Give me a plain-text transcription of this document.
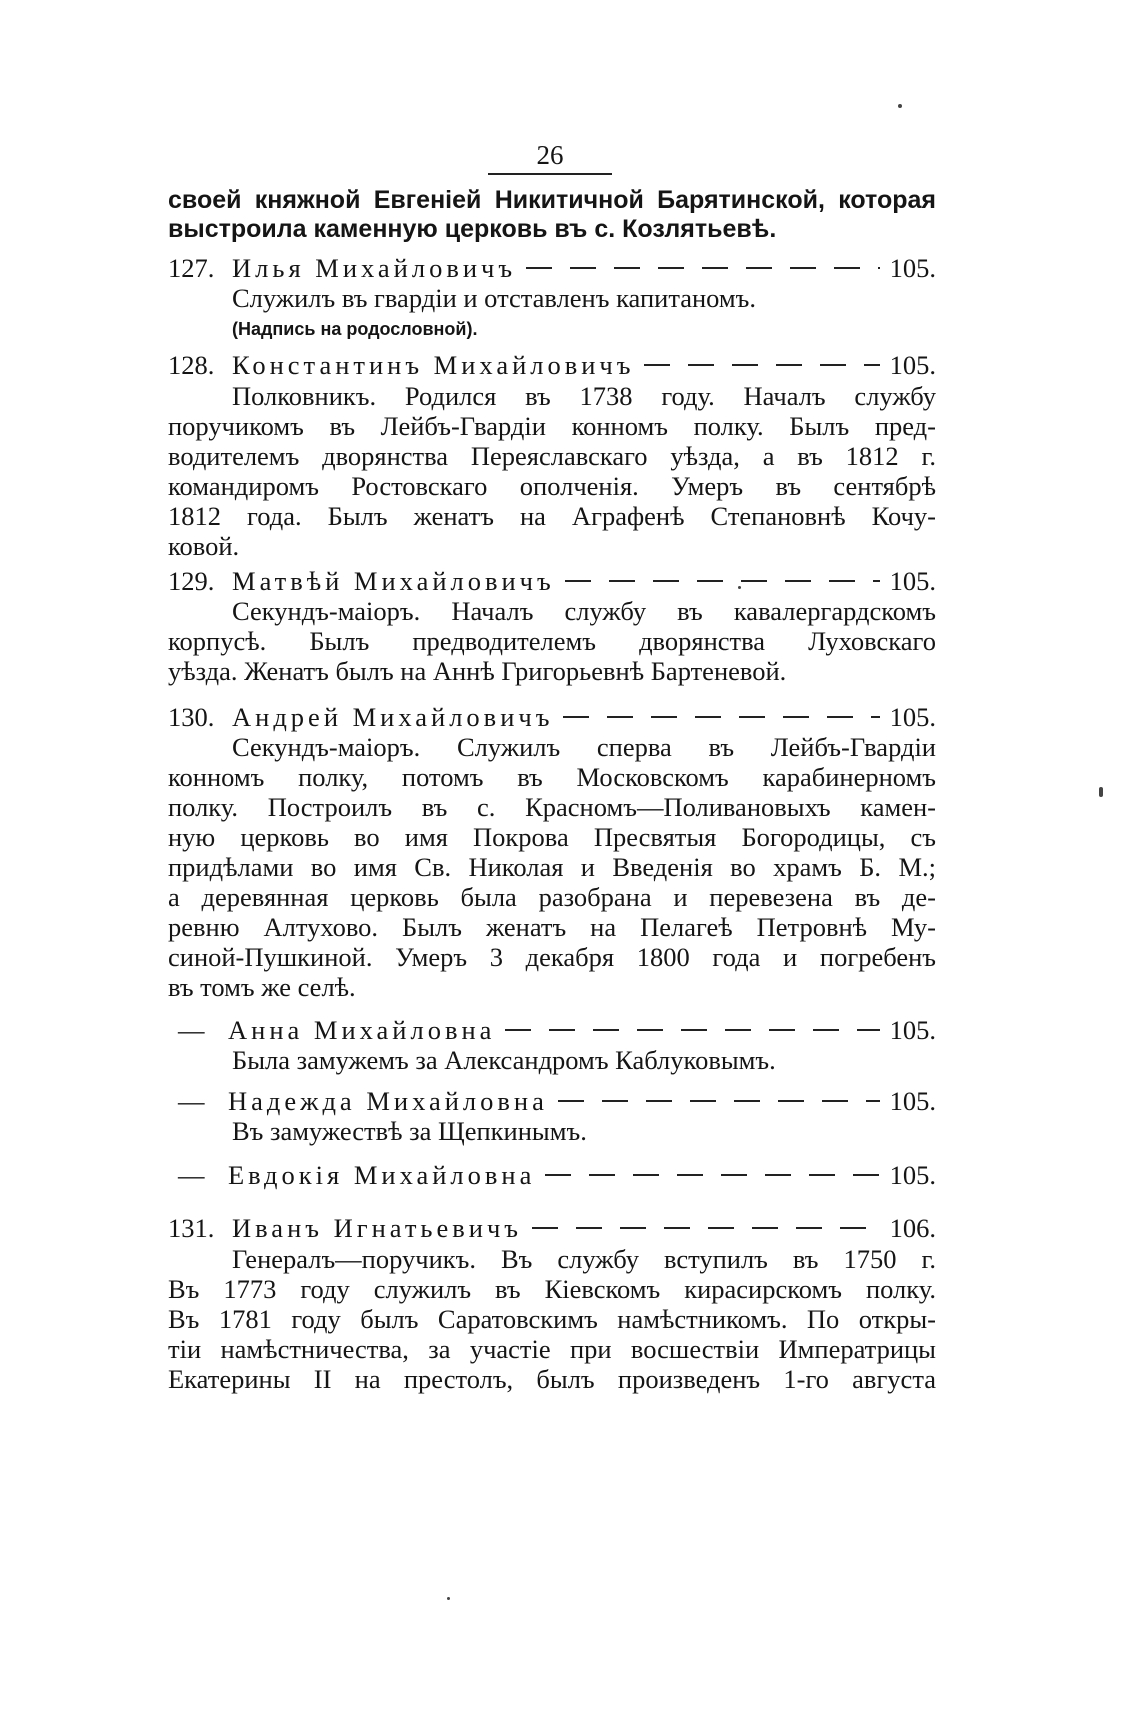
26
своей княжной Евгеніей Никитичной Барятинской, которая
выстроила каменную церковь въ с. Козлятьевѣ.
127. Илья Михайловичъ	105.
Служилъ въ гвардіи и отставленъ капитаномъ.
(Надпись на родословной).
128. Константинъ Михайловичъ	105.
Полковникъ. Родился въ 1738 году. Началъ службу
поручикомъ въ Лейбъ-Гвардіи конномъ полку. Былъ пред-
водителемъ дворянства Переяславскаго уѣзда, а въ 1812 г.
командиромъ Ростовскаго ополченія. Умеръ въ сентябрѣ
1812 года. Былъ женатъ на Аграфенѣ Степановнѣ Кочу-
ковой.
129. Матвѣй Михайловичъ	105.
Секундъ-маіоръ. Началъ службу въ кавалергардскомъ
корпусѣ. Былъ предводителемъ дворянства Луховскаго
уѣзда. Женатъ былъ на Аннѣ Григорьевнѣ Бартеневой.
130. Андрей Михайловичъ	105.
Секундъ-маіоръ. Служилъ сперва въ Лейбъ-Гвардіи
конномъ полку, потомъ въ Московскомъ карабинерномъ
полку. Построилъ въ с. Красномъ—Поливановыхъ камен-
ную церковь во имя Покрова Пресвятыя Богородицы, съ
придѣлами во имя Св. Николая и Введенія во храмъ Б. М.;
а деревянная церковь была разобрана и перевезена въ де-
ревню Алтухово. Былъ женатъ на Пелагеѣ Петровнѣ Му-
синой-Пушкиной. Умеръ 3 декабря 1800 года и погребенъ
въ томъ же селѣ.
— Анна Михайловна	105.
Была замужемъ за Александромъ Каблуковымъ.
— Надежда Михайловна	105.
Въ замужествѣ за Щепкинымъ.
— Евдокія Михайловна	105.
131. Иванъ Игнатьевичъ	106.
Генералъ—поручикъ. Въ службу вступилъ въ 1750 г.
Въ 1773 году служилъ въ Кіевскомъ кирасирскомъ полку.
Въ 1781 году былъ Саратовскимъ намѣстникомъ. По откры-
тіи намѣстничества, за участіе при восшествіи Императрицы
Екатерины II на престолъ, былъ произведенъ 1-го августа
